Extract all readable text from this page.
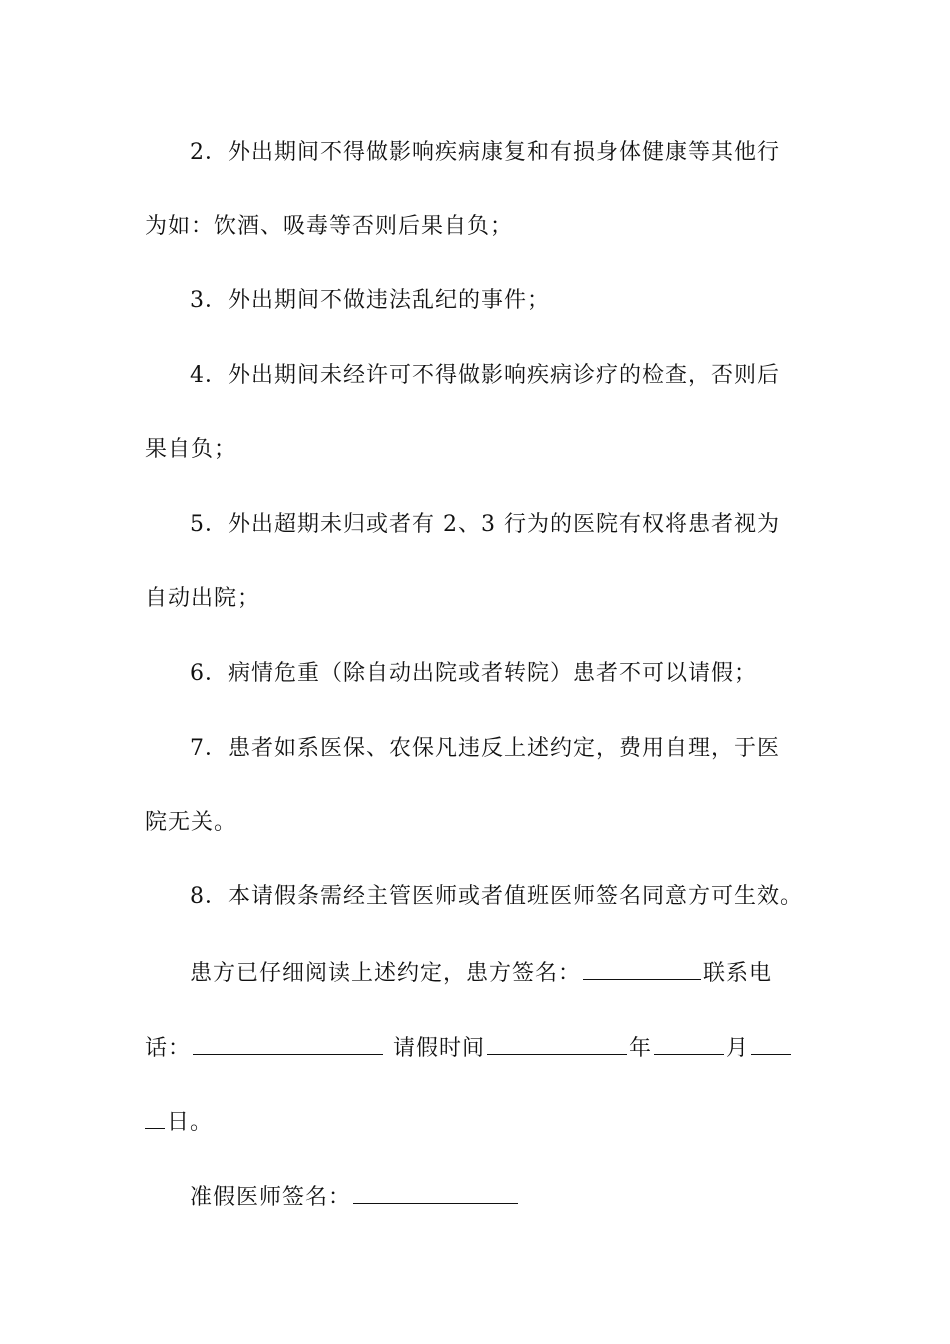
2．外出期间不得做影响疾病康复和有损身体健康等其他行
为如：饮酒、吸毒等否则后果自负；
3．外出期间不做违法乱纪的事件；
4．外出期间未经许可不得做影响疾病诊疗的检查，否则后
果自负；
5．外出超期未归或者有 2、3 行为的医院有权将患者视为
自动出院；
6．病情危重（除自动出院或者转院）患者不可以请假；
7．患者如系医保、农保凡违反上述约定，费用自理，于医
院无关。
8．本请假条需经主管医师或者值班医师签名同意方可生效。
患方已仔细阅读上述约定，患方签名：	联系电
话：	请假时间	年	月
日。
准假医师签名：
